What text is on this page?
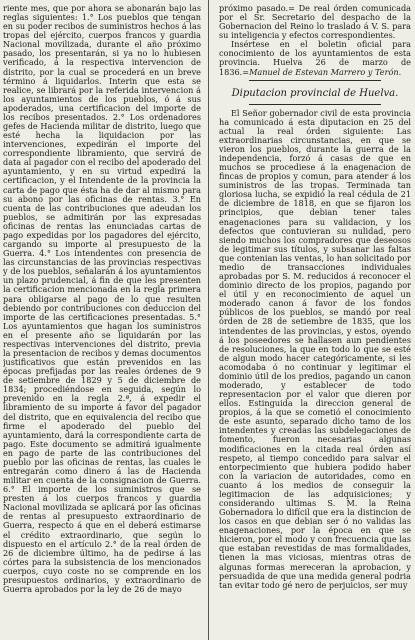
riente mes, que por ahora se abonarán bajo las reglas siguientes: 1.° Los pueblos que tengan en su poder recibos de suministros hechos á las tropas del ejército, cuerpos francos y guardia Nacional movilizada, durante el año próximo pasado, los presentarán, si ya no lo hubiesen verificado, á la respectiva intervencion de distrito, por la cual se procederá en un breve término á liquidarlos. Interin que esta se realice, se librará por la referida intervencion á los ayuntamientos de los pueblos, ó á sus apoderados, una certificacion del importe de los recibos presentados. 2.° Los ordenadores gefes de Hacienda militar de distrito, luego que esté hecha la liquidacion por las intervenciones, expedirán el importe del correspondiente libramiento, que servirá de data al pagador con el recibo del apoderado del ayuntamiento, y en su virtud expedirá la certificacion, y el Intendente de la provincia la carta de pago que ésta ha de dar al mismo para su abono por las oficinas de rentas. 3.° En cuenta de las contribuciones que adeudan los pueblos, se admitirán por las expresadas oficinas de rentas las enunciadas cartas de pago expedidas por los pagadores del ejército, cargando su importe al presupuesto de la Guerra. 4.° Los intendentes con presencia de las circunstancias de las provincias respectivas y de los pueblos, señalarán á los ayuntamientos un plazo prudencial, á fin de que les presenten la certificacion mencionada en la regla primera para obligarse al pago de lo que resulten debiendo por contribuciones con deduccion del importe de las certificaciones presentadas. 5.° Los ayuntamientos que hagan los suministros en el presente año se liquidarán por las respectivas intervenciones del distrito, previa la presentacion de recibos y demas documentos justificativos que están prevenidos en las épocas prefijadas por las reales órdenes de 9 de setiembre de 1829 y 5 de diciembre de 1834; procediéndose en seguida, según lo prevenido en la regla 2.ª, á expedir el libramiento de su importe á favor del pagador del distrito, que en equivalencia del recibo que firme el apoderado del pueblo del ayuntamiento, dará la correspondiente carta de pago. Este documento se admitirá igualmente en pago de parte de las contribuciones del pueblo por las oficinas de rentas, las cuales le entregarán como dinero á las de Hacienda militar en cuenta de la consignacion de Guerra. 6.° El importe de los suministros que se presten á los cuerpos francos y guardia Nacional movilizada se aplicará por las oficinas de rentas al presupuesto extraordinario de Guerra, respecto á que en el deberá estimarse el crédito extraordinario, que según lo dispuesto en el artículo 2.° de la real órden de 26 de diciembre último, ha de pedirse á las córtes para la subsistencia de los mencionados cuerpos, cuyo coste no se comprende en los presupuestos ordinarios, y extraordinario de Guerra aprobados por la ley de 26 de mayo

próximo pasado.= De real órden comunicada por el Sr. Secretario del despacho de la Gobernacion del Reino lo traslado á V. S. para su inteligencia y efectos correspondientes.

Insértese en el boletin oficial para conocimiento de los ayuntamientos de esta provincia. Huelva 26 de marzo de 1836.=Manuel de Estevan Marrero y Terón.

Diputacion provincial de Huelva.

El Señor gobernador civil de esta provincia ha comunicado á esta diputacion en 25 del actual la real órden siguiente: Las extraordinarias circunstancias, en que se vieron los pueblos, durante la guerra de la independencia, forzó á casas de que en muchos se procediese á la enagenacion de fincas de propios y comun, para atender á los suministros de las tropas. Terminada tan gloriosa lucha, se expidió la real cédula de 21 de diciembre de 1818, en que se fijaron los principios, que debian tener tales enagenaciones para su validacion, y los defectos que contuvieran su nulidad, pero siendo muchos los compradores que deseosos de legitimar sus títulos, y subsanar las faltas que contenian las ventas, lo han solicitado por medio de transacciones individuales aprobadas por S. M. reducidos á reconocer el dominio directo de los propios, pagando por el útil y en reconocimiento de aquel un moderado canon á favor de los fondos públicos de los pueblos, se mandó por real órden de 28 de setiembre de 1835, que los intendentes de las provincias, y estos, oyendo á los poseedores se hallasen aun pendientes de resoluciones, la que en todo lo que se esté de algun modo hacer categóricamente, si les acomodaba ó no continuar y legitimar el dominio útil de los predios, pagando un canon moderado, y establecer de todo representacion por el valor que dieren por ellos. Estinguida la direccion general de propios, á la que se cometió el conocimiento de este asunto, separado dicho tamo de los intendentes y creadas las subdelegaciones de fomento, fueron necesarias algunas modificaciones en la citada real órden así respeto, al tiempo concedido para salvar el entorpecimiento que hubiera podido haber con la variacion de autoridades, como en cuanto á los medios de conseguir la legitimacion de las adquisiciones; y considerando ultimas S. M. la Reina Gobernadora lo difícil que era la distincion de los casos en que debian ser ó no validas las enagenaciones, por la época en que se hicieron, por el modo y con frecuencia que las que estaban revestidas de mas formalidades, tienen la mas viciosas, mientras otras de algunas formas mereceran la aprobacion, y persuadida de que una medida general podria tan evitar todo gé nero de perjuicios, ser muy
